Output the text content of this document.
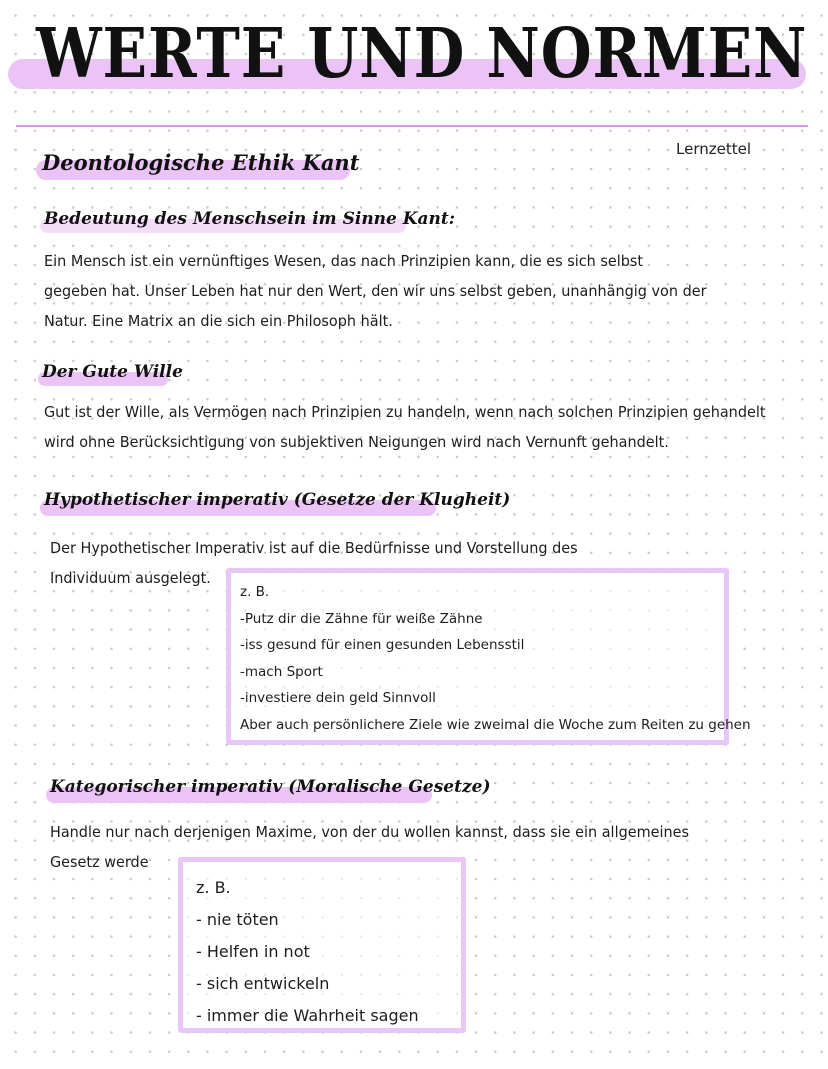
WERTE UND NORMEN
Lernzettel
Deontologische Ethik Kant
Bedeutung des Menschsein im Sinne Kant:
Ein Mensch ist ein vernünftiges Wesen, das nach Prinzipien kann, die es sich selbst
gegeben hat. Unser Leben hat nur den Wert, den wir uns selbst geben, unanhängig von der
Natur. Eine Matrix an die sich ein Philosoph hält.
Der Gute Wille
Gut ist der Wille, als Vermögen nach Prinzipien zu handeln, wenn nach solchen Prinzipien gehandelt
wird ohne Berücksichtigung von subjektiven Neigungen wird nach Vernunft gehandelt.
Hypothetischer imperativ (Gesetze der Klugheit)
Der Hypothetischer Imperativ ist auf die Bedürfnisse und Vorstellung des
Individuum ausgelegt.
z. B.
-Putz dir die Zähne für weiße Zähne
-iss gesund für einen gesunden Lebensstil
-mach Sport
-investiere dein geld Sinnvoll
Aber auch persönlichere Ziele wie zweimal die Woche zum Reiten zu gehen
Kategorischer imperativ (Moralische Gesetze)
Handle nur nach derjenigen Maxime, von der du wollen kannst, dass sie ein allgemeines
Gesetz werde
z. B.
- nie töten
- Helfen in not
- sich entwickeln
- immer die Wahrheit sagen
